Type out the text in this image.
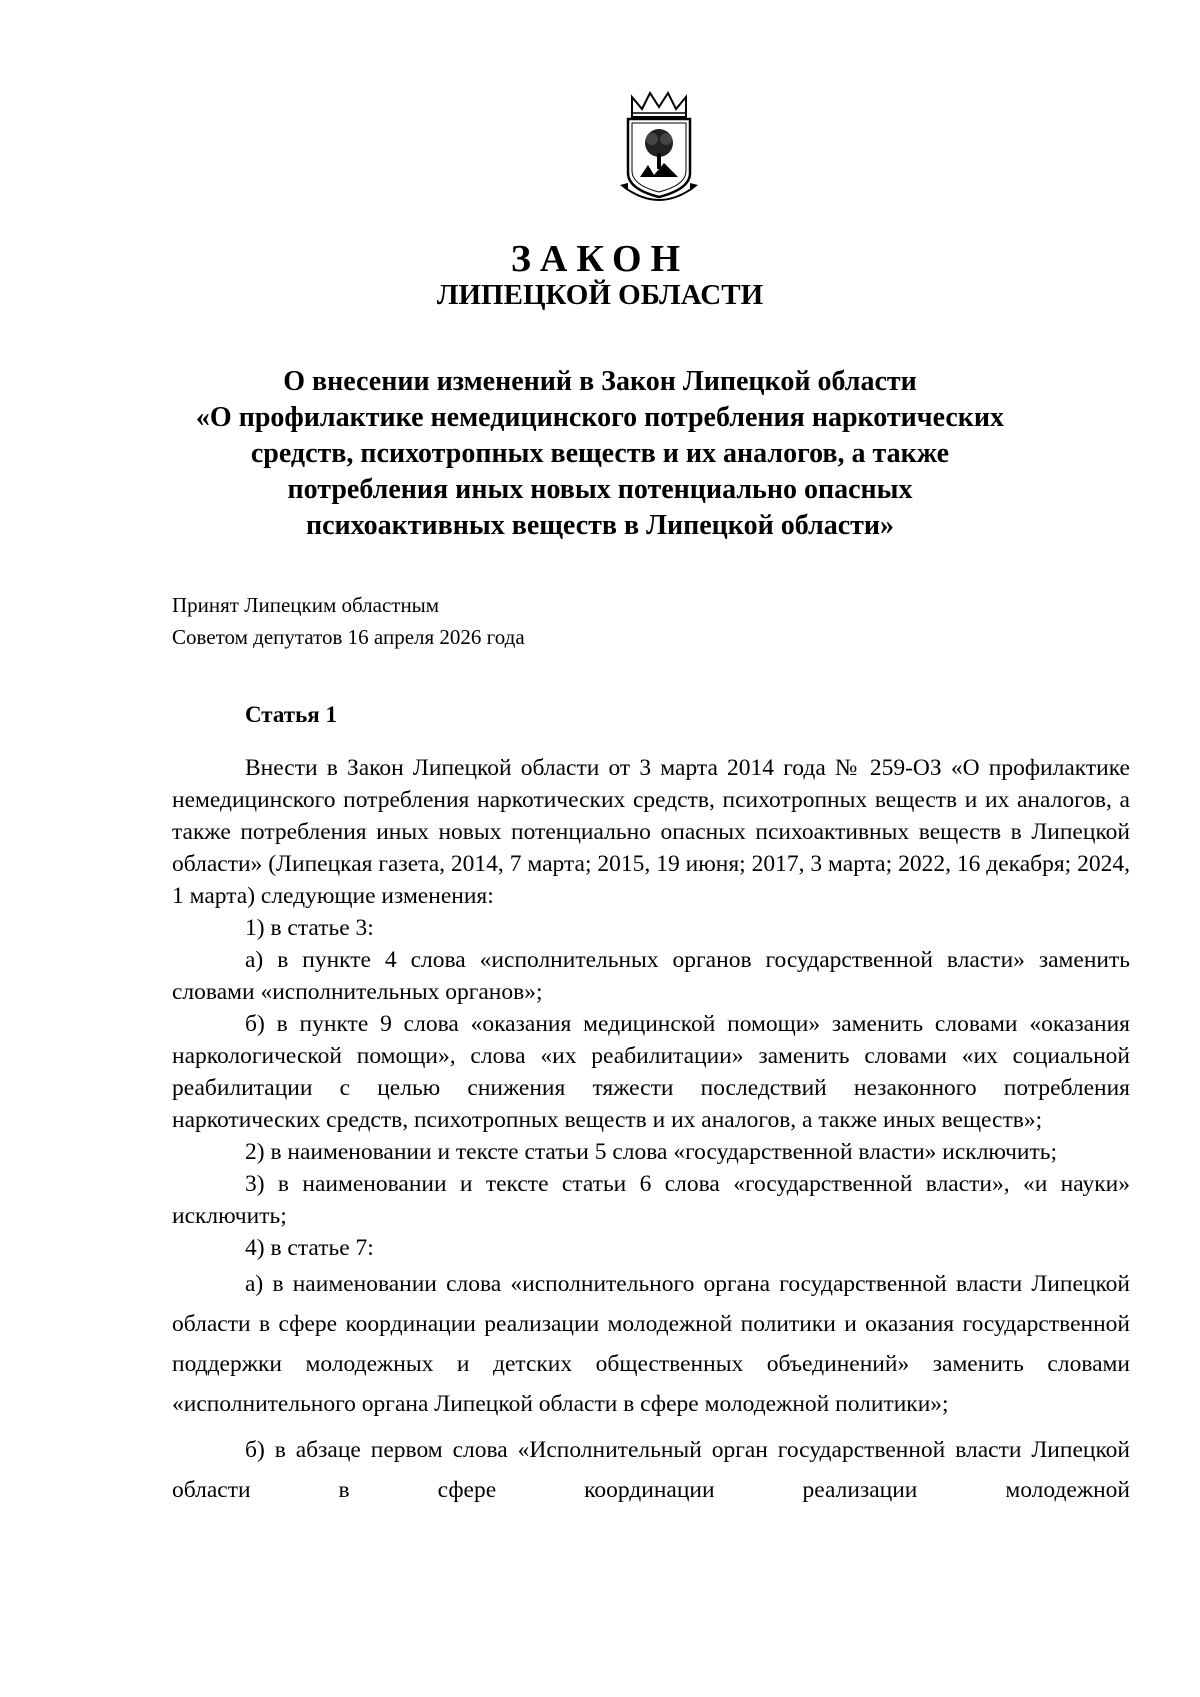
ЗАКОН
ЛИПЕЦКОЙ ОБЛАСТИ
О внесении изменений в Закон Липецкой области
«О профилактике немедицинского потребления наркотических
средств, психотропных веществ и их аналогов, а также
потребления иных новых потенциально опасных
психоактивных веществ в Липецкой области»
Принят Липецким областным
Советом депутатов 16 апреля 2026 года
Статья 1

Внести в Закон Липецкой области от 3 марта 2014 года № 259-ОЗ «О профилактике немедицинского потребления наркотических средств, психотропных веществ и их аналогов, а также потребления иных новых потенциально опасных психоактивных веществ в Липецкой области» (Липецкая газета, 2014, 7 марта; 2015, 19 июня; 2017, 3 марта; 2022, 16 декабря; 2024, 1 марта) следующие изменения:

1) в статье 3:

а) в пункте 4 слова «исполнительных органов государственной власти» заменить словами «исполнительных органов»;

б) в пункте 9 слова «оказания медицинской помощи» заменить словами «оказания наркологической помощи», слова «их реабилитации» заменить словами «их социальной реабилитации с целью снижения тяжести последствий незаконного потребления наркотических средств, психотропных веществ и их аналогов, а также иных веществ»;

2) в наименовании и тексте статьи 5 слова «государственной власти» исключить;

3) в наименовании и тексте статьи 6 слова «государственной власти», «и науки» исключить;

4) в статье 7:

а) в наименовании слова «исполнительного органа государственной власти Липецкой области в сфере координации реализации молодежной политики и оказания государственной поддержки молодежных и детских общественных объединений» заменить словами «исполнительного органа Липецкой области в сфере молодежной политики»;

б) в абзаце первом слова «Исполнительный орган государственной власти Липецкой области в сфере координации реализации молодежной
